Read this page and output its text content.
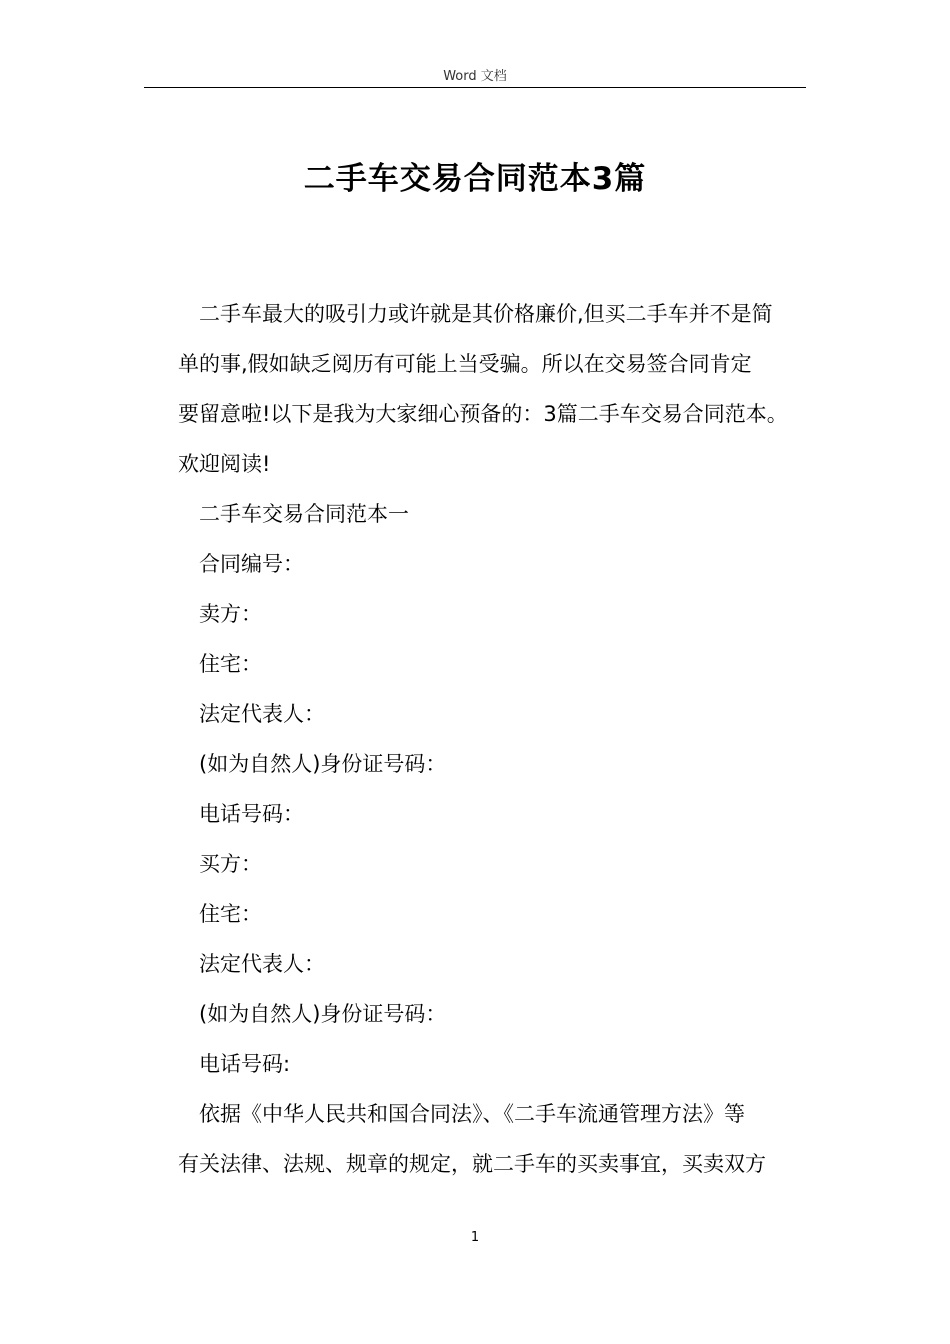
Word 文档
二手车交易合同范本3篇
二手车最大的吸引力或许就是其价格廉价,但买二手车并不是简
单的事,假如缺乏阅历有可能上当受骗。所以在交易签合同肯定
要留意啦!以下是我为大家细心预备的：3篇二手车交易合同范本。
欢迎阅读!
二手车交易合同范本一
合同编号：
卖方：
住宅：
法定代表人：
(如为自然人)身份证号码：
电话号码：
买方：
住宅：
法定代表人：
(如为自然人)身份证号码：
电话号码:
依据《中华人民共和国合同法》、《二手车流通管理方法》等
有关法律、法规、规章的规定，就二手车的买卖事宜，买卖双方
1
